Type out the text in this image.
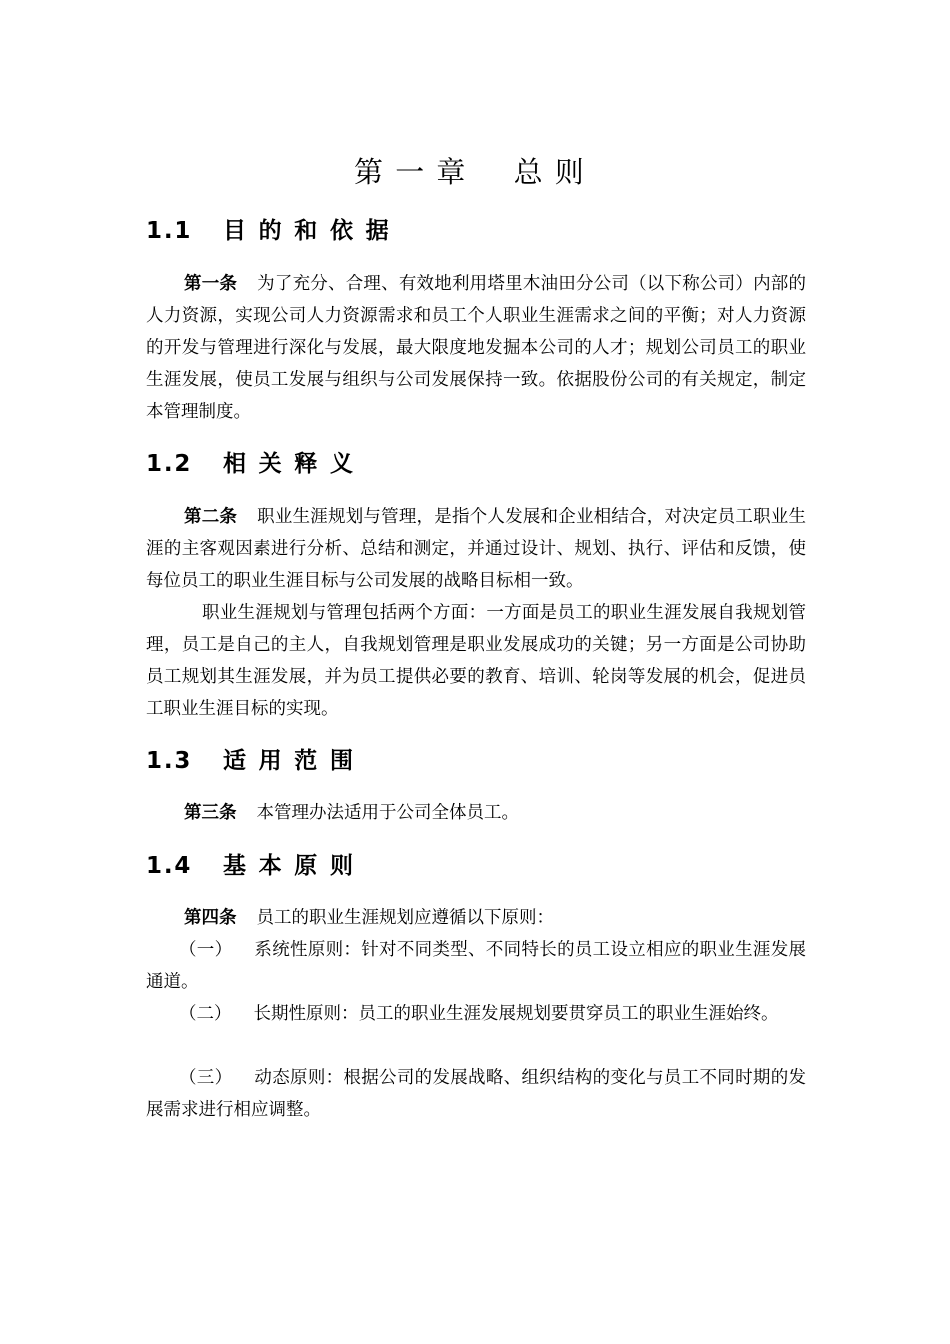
第一章 总则
1.1 目的和依据

第一条 为了充分、合理、有效地利用塔里木油田分公司（以下称公司）内部的人力资源，实现公司人力资源需求和员工个人职业生涯需求之间的平衡；对人力资源的开发与管理进行深化与发展，最大限度地发掘本公司的人才；规划公司员工的职业生涯发展，使员工发展与组织与公司发展保持一致。依据股份公司的有关规定，制定本管理制度。

1.2 相关释义

第二条 职业生涯规划与管理，是指个人发展和企业相结合，对决定员工职业生涯的主客观因素进行分析、总结和测定，并通过设计、规划、执行、评估和反馈，使每位员工的职业生涯目标与公司发展的战略目标相一致。

职业生涯规划与管理包括两个方面：一方面是员工的职业生涯发展自我规划管理，员工是自己的主人，自我规划管理是职业发展成功的关键；另一方面是公司协助员工规划其生涯发展，并为员工提供必要的教育、培训、轮岗等发展的机会，促进员工职业生涯目标的实现。

1.3 适用范围

第三条 本管理办法适用于公司全体员工。

1.4 基本原则

第四条 员工的职业生涯规划应遵循以下原则：

（一） 系统性原则：针对不同类型、不同特长的员工设立相应的职业生涯发展通道。

（二） 长期性原则：员工的职业生涯发展规划要贯穿员工的职业生涯始终。

（三） 动态原则：根据公司的发展战略、组织结构的变化与员工不同时期的发展需求进行相应调整。
